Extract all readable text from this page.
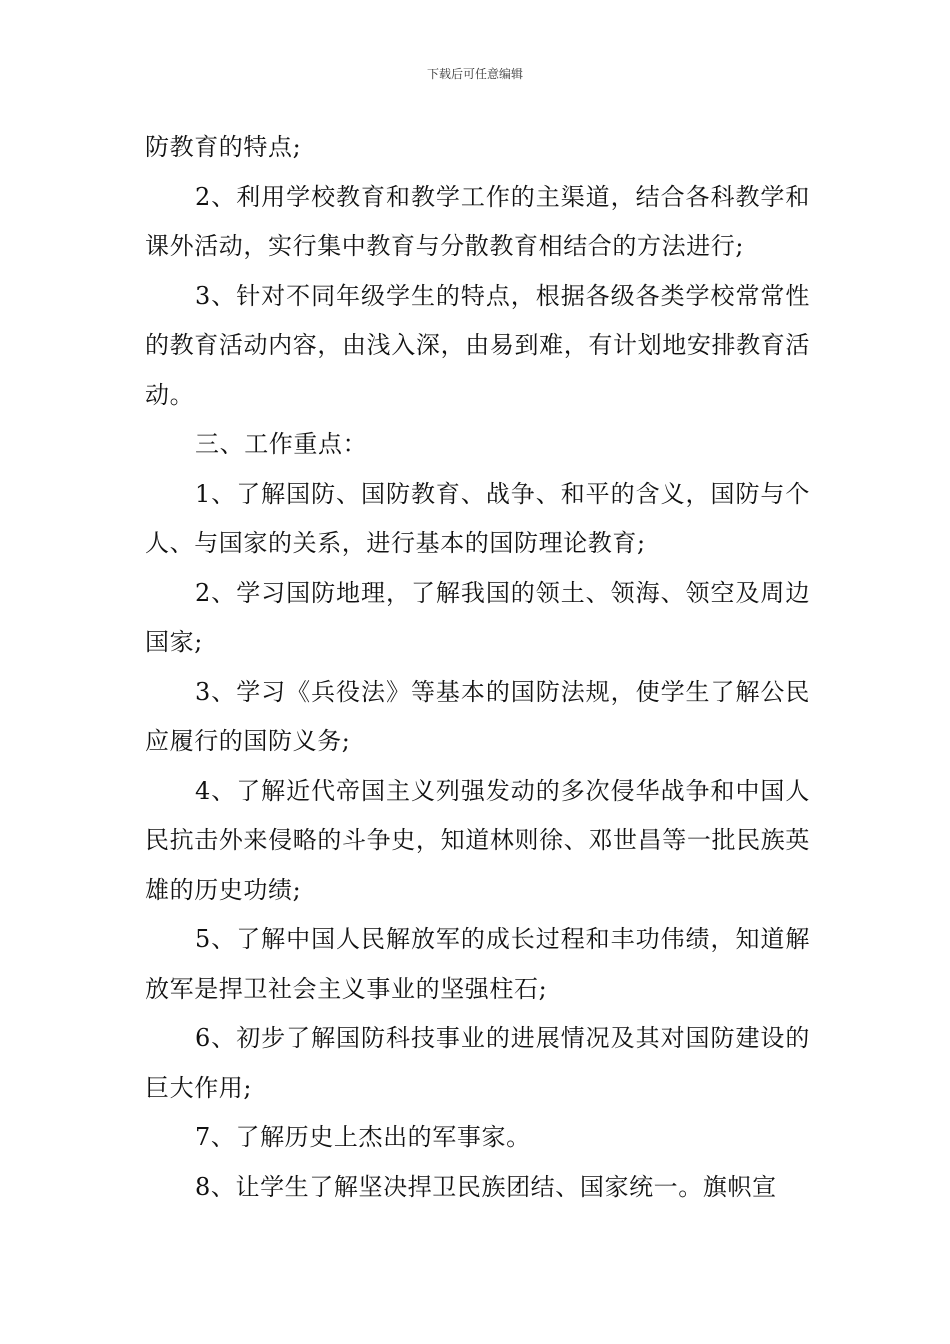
下载后可任意编辑

防教育的特点;

2、利用学校教育和教学工作的主渠道，结合各科教学和课外活动，实行集中教育与分散教育相结合的方法进行;

3、针对不同年级学生的特点，根据各级各类学校常常性的教育活动内容，由浅入深，由易到难，有计划地安排教育活动。

三、工作重点：

1、了解国防、国防教育、战争、和平的含义，国防与个人、与国家的关系，进行基本的国防理论教育;

2、学习国防地理，了解我国的领土、领海、领空及周边国家;

3、学习《兵役法》等基本的国防法规，使学生了解公民应履行的国防义务;

4、了解近代帝国主义列强发动的多次侵华战争和中国人民抗击外来侵略的斗争史，知道林则徐、邓世昌等一批民族英雄的历史功绩;

5、了解中国人民解放军的成长过程和丰功伟绩，知道解放军是捍卫社会主义事业的坚强柱石;

6、初步了解国防科技事业的进展情况及其对国防建设的巨大作用;

7、了解历史上杰出的军事家。

8、让学生了解坚决捍卫民族团结、国家统一。旗帜宣
